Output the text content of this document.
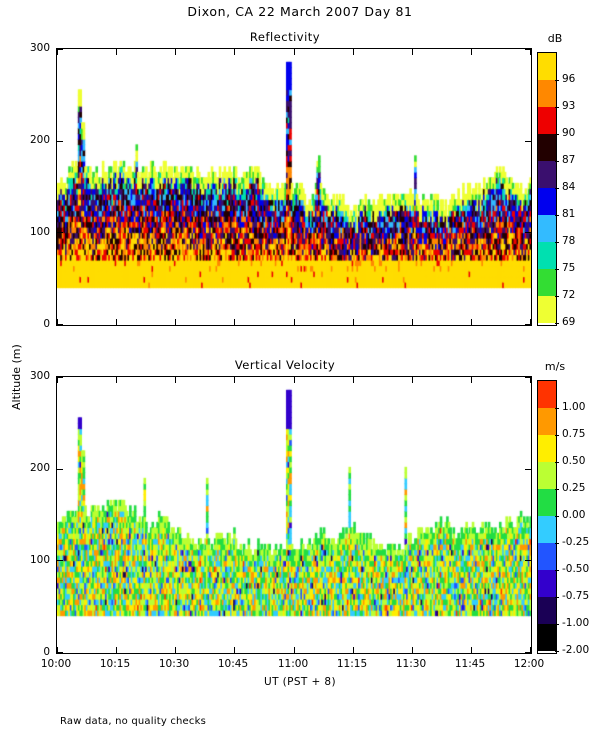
Dixon, CA 22 March 2007 Day 81
Reflectivity
300
200
100
0
Vertical Velocity
300
200
100
0
Altitude (m)
10:00	10:15	10:30	10:45	11:00	11:15	11:30	11:45	12:00
UT (PST + 8)
Raw data, no quality checks
dB
96
93
90
87
84
81
78
75
72
69
m/s
1.00
0.75
0.50
0.25
0.00
-0.25
-0.50
-0.75
-1.00
-2.00
